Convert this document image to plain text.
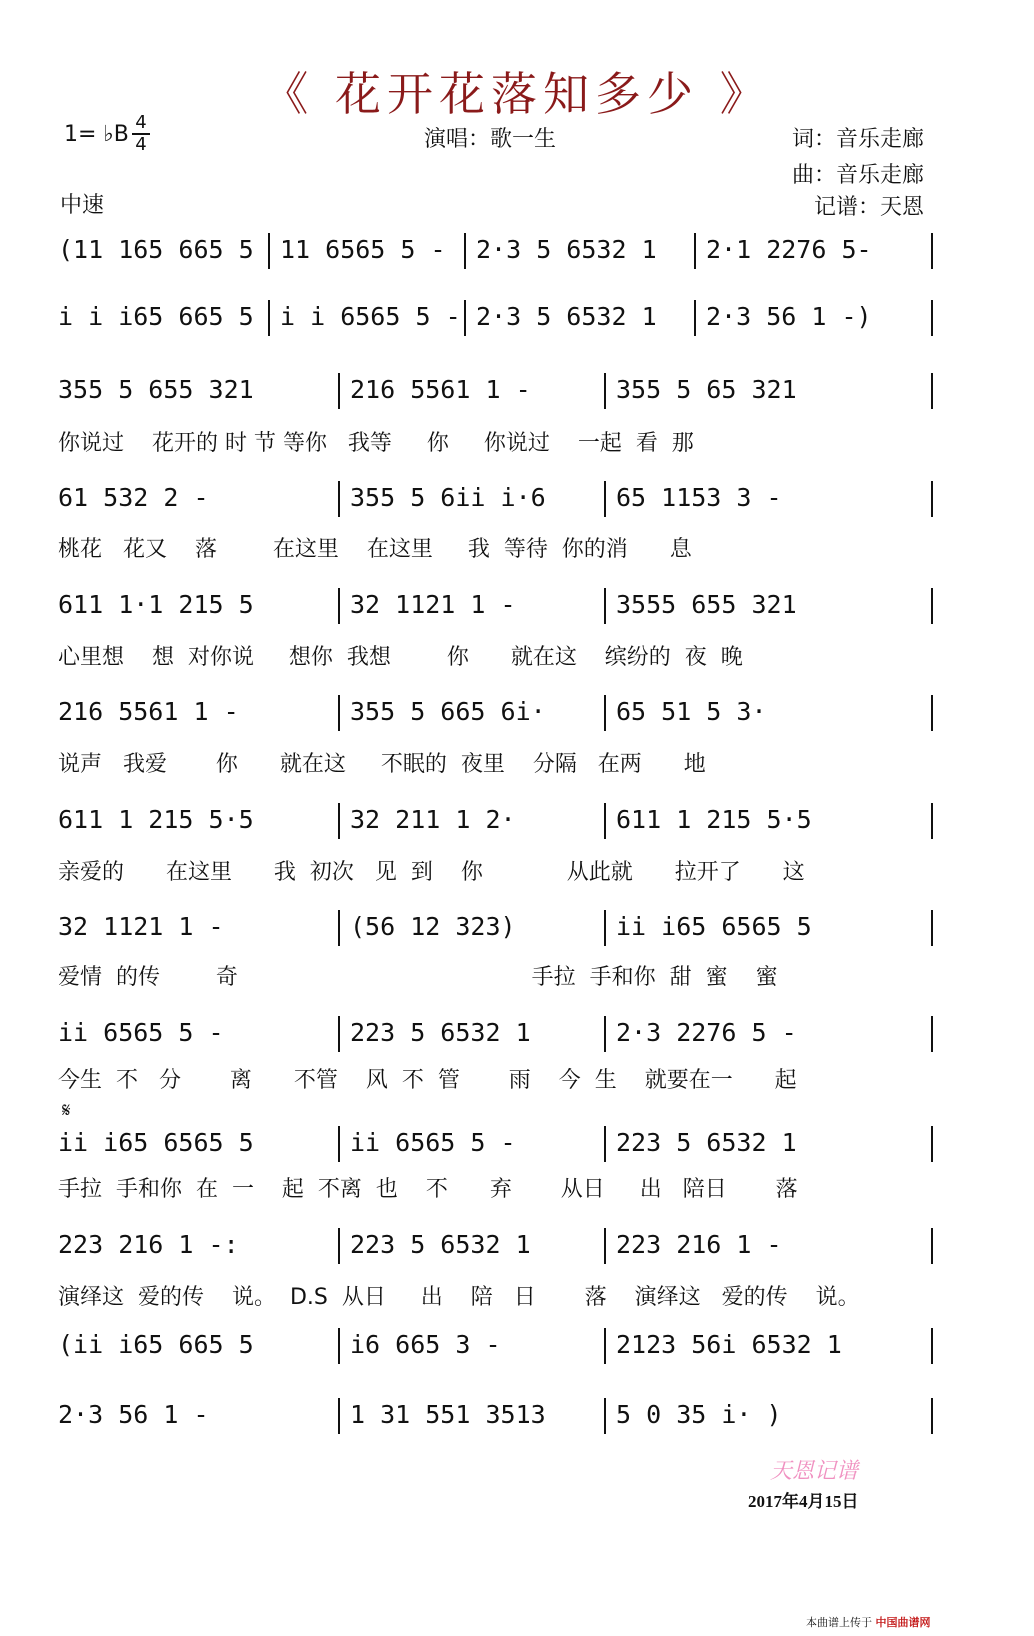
《 花开花落知多少 》
1= ♭B 4
4	演唱：歌一生	词：音乐走廊
曲：音乐走廊
记谱：天恩
中速
(11 165 665 5 11 6565 5 - 2·3 5 6532 1 2·1 2276 5-
i i i65 665 5 i i 6565 5 - 2·3 5 6532 1 2·3 56 1 -)
355 5 655 321	216 5561 1 -	355 5 65 321
你说过    花开的 时 节 等你   我等     你     你说过    一起  看  那
61 532 2 -	355 5 6ii i·6	65 1153 3 -
桃花   花又    落        在这里    在这里     我  等待  你的消      息
611 1·1 215 5	32 1121 1 -	3555 655 321
心里想    想  对你说     想你  我想        你      就在这    缤纷的  夜  晚
216 5561 1 -	355 5 665 6i·	65 51 5 3·
说声   我爱       你      就在这     不眠的  夜里    分隔   在两      地
611 1 215 5·5	32 211 1 2·	611 1 215 5·5
亲爱的      在这里      我  初次   见  到    你            从此就      拉开了      这
32 1121 1 -	(56 12 323)	ii i65 6565 5
爱情  的传        奇                                          手拉  手和你  甜  蜜    蜜
ii 6565 5 -	223 5 6532 1	2·3 2276 5 -
今生  不   分       离      不管    风  不  管       雨    今  生    就要在一      起
ii i65 6565 5	ii 6565 5 -	223 5 6532 1
手拉  手和你  在  一    起  不离  也    不      弃       从日     出   陪日       落
223 216 1 -:	223 5 6532 1	223 216 1 -
演绎这  爱的传    说。  D.S  从日     出    陪   日       落    演绎这   爱的传    说。
(ii i65 665 5	i6 665 3 -	2123 56i 6532 1
2·3 56 1 -	1 31 551 3513	5 0 35 i· )
𝄋
天恩记谱
2017年4月15日
本曲谱上传于 中国曲谱网
